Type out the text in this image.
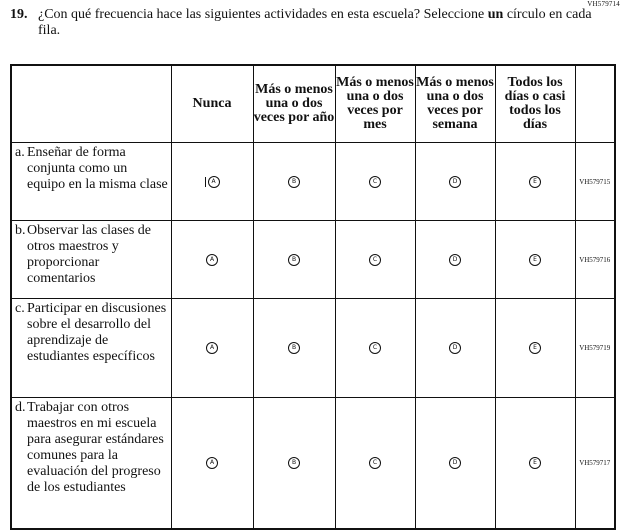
VH579714
19. ¿Con qué frecuencia hace las siguientes actividades en esta escuela? Seleccione un círculo en cada fila.
	Nunca	Más o menos una o dos veces por año	Más o menos una o dos veces por mes	Más o menos una o dos veces por semana	Todos los días o casi todos los días	

a. Enseñar de forma conjunta como un equipo en la misma clase	A	B	C	D	E	VH579715

b. Observar las clases de otros maestros y proporcionar comentarios	A	B	C	D	E	VH579716

c. Participar en discusiones sobre el desarrollo del aprendizaje de estudiantes específicos	A	B	C	D	E	VH579719

d. Trabajar con otros maestros en mi escuela para asegurar estándares comunes para la evaluación del progreso de los estudiantes	A	B	C	D	E	VH579717
